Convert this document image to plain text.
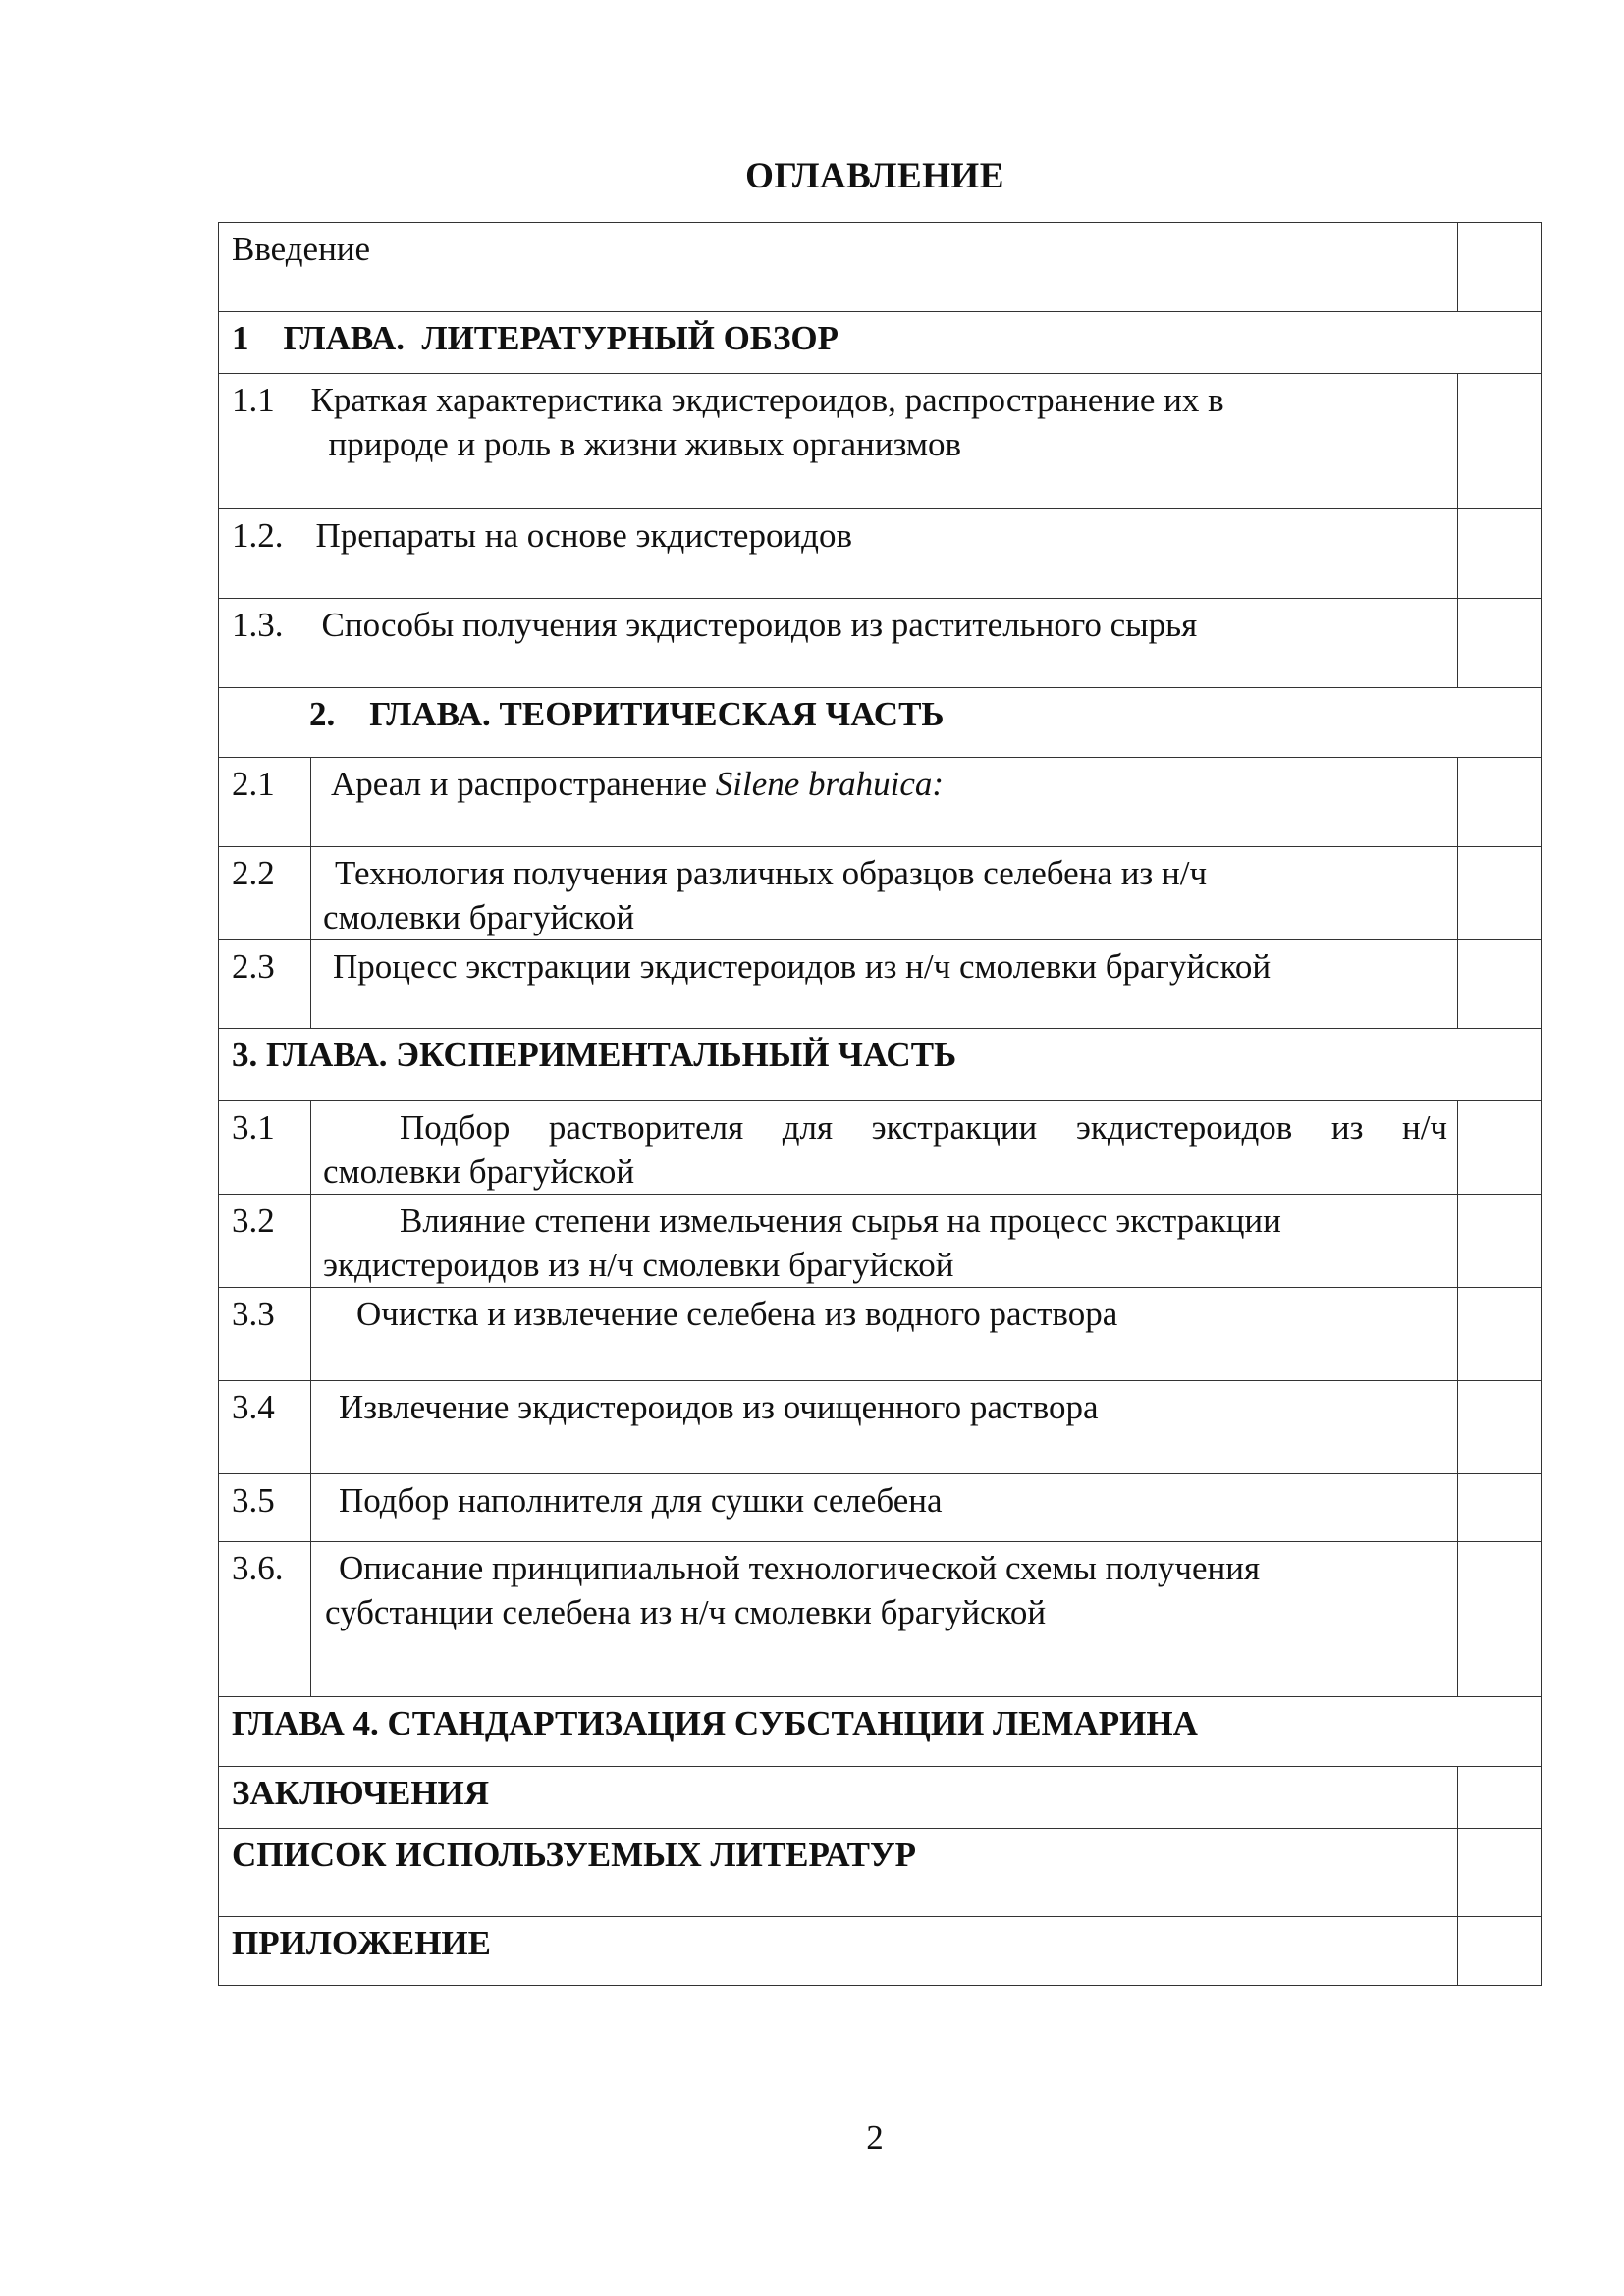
ОГЛАВЛЕНИЕ
Введение		
1    ГЛАВА.  ЛИТЕРАТУРНЫЙ ОБЗОР		
1.1	Краткая характеристика экдистероидов, распространение их в
природе и роль в жизни живых организмов	

1.2.	Препараты на основе экдистероидов	
1.3.	Способы получения экдистероидов из растительного сырья	
2.    ГЛАВА. ТЕОРИТИЧЕСКАЯ ЧАСТЬ		
2.1	Ареал и распространение Silene brahuica:	
2.2	Технология получения различных образцов селебена из н/ч
смолевки брагуйской	

2.3	Процесс экстракции экдистероидов из н/ч смолевки брагуйской	
3. ГЛАВА. ЭКСПЕРИМЕНТАЛЬНЫЙ ЧАСТЬ		
3.1	Подбор растворителя для экстракции экдистероидов из н/ч
смолевки брагуйской	

3.2	Влияние степени измельчения сырья на процесс экстракции
экдистероидов из н/ч смолевки брагуйской	

3.3	Очистка и извлечение селебена из водного раствора	
3.4	Извлечение экдистероидов из очищенного раствора	
3.5	Подбор наполнителя для сушки селебена	
3.6.	Описание принципиальной технологической схемы получения
субстанции селебена из н/ч смолевки брагуйской	

ГЛАВА 4. СТАНДАРТИЗАЦИЯ СУБСТАНЦИИ ЛЕМАРИНА		
ЗАКЛЮЧЕНИЯ		
СПИСОК ИСПОЛЬЗУЕМЫХ ЛИТЕРАТУР		
ПРИЛОЖЕНИЕ		
2
